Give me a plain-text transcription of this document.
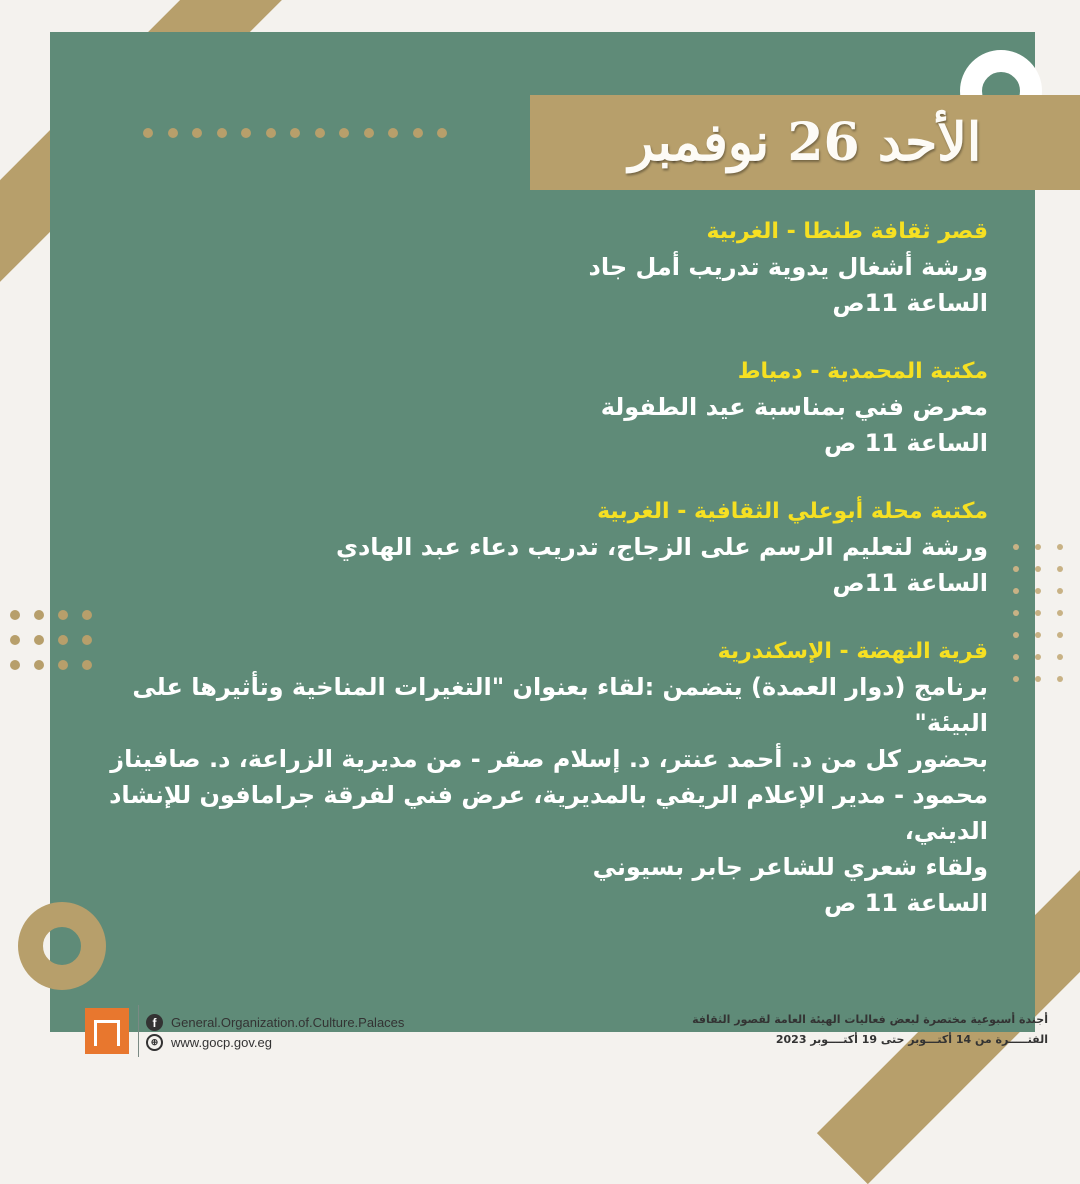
الأحد 26 نوفمبر
قصر ثقافة طنطا - الغربية
ورشة أشغال يدوية تدريب أمل جاد
الساعة 11ص
مكتبة المحمدية - دمياط
معرض فني بمناسبة عيد الطفولة
الساعة 11 ص
مكتبة محلة أبوعلي الثقافية - الغربية
ورشة لتعليم الرسم على الزجاج، تدريب دعاء عبد الهادي
الساعة 11ص
قرية النهضة - الإسكندرية
برنامج (دوار العمدة) يتضمن :لقاء بعنوان "التغيرات المناخية وتأثيرها على البيئة"
بحضور كل من د. أحمد عنتر، د. إسلام صقر - من مديرية الزراعة، د. صافيناز
محمود - مدير الإعلام الريفي بالمديرية، عرض فني لفرقة جرامافون للإنشاد الديني،
ولقاء شعري للشاعر جابر بسيوني
الساعة 11 ص
f	General.Organization.of.Culture.Palaces
⊕ www.gocp.gov.eg
أجندة أسبوعية مختصرة لبعض فعاليات الهيئة العامة لقصور الثقافة
الفتـــــرة من 14 أكتـــوبر حتى 19 أكتــــوبر 2023
